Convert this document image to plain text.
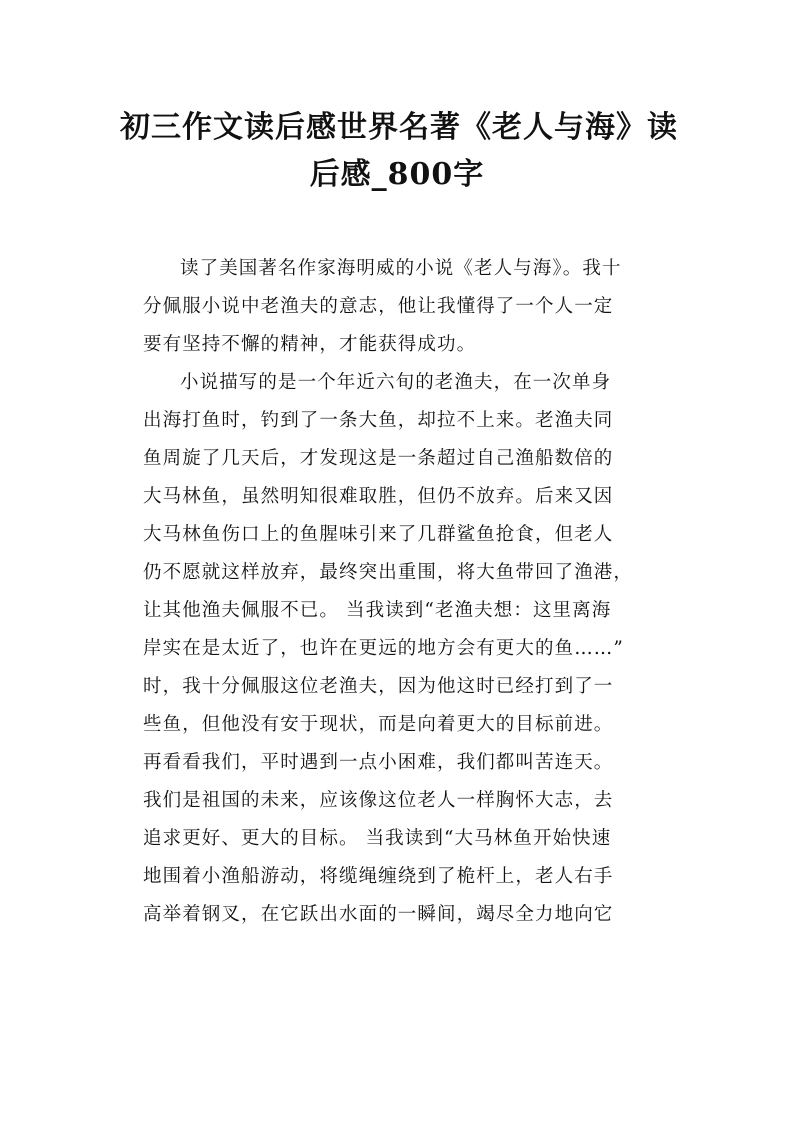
初三作文读后感世界名著《老人与海》读
后感_800字
读了美国著名作家海明威的小说《老人与海》。我十
分佩服小说中老渔夫的意志，他让我懂得了一个人一定
要有坚持不懈的精神，才能获得成功。
小说描写的是一个年近六旬的老渔夫，在一次单身
出海打鱼时，钓到了一条大鱼，却拉不上来。老渔夫同
鱼周旋了几天后，才发现这是一条超过自己渔船数倍的
大马林鱼，虽然明知很难取胜，但仍不放弃。后来又因
大马林鱼伤口上的鱼腥味引来了几群鲨鱼抢食，但老人
仍不愿就这样放弃，最终突出重围，将大鱼带回了渔港，
让其他渔夫佩服不已。 当我读到“老渔夫想：这里离海
岸实在是太近了，也许在更远的地方会有更大的鱼……”
时，我十分佩服这位老渔夫，因为他这时已经打到了一
些鱼，但他没有安于现状，而是向着更大的目标前进。
再看看我们，平时遇到一点小困难，我们都叫苦连天。
我们是祖国的未来，应该像这位老人一样胸怀大志，去
追求更好、更大的目标。 当我读到“大马林鱼开始快速
地围着小渔船游动，将缆绳缠绕到了桅杆上，老人右手
高举着钢叉，在它跃出水面的一瞬间，竭尽全力地向它
